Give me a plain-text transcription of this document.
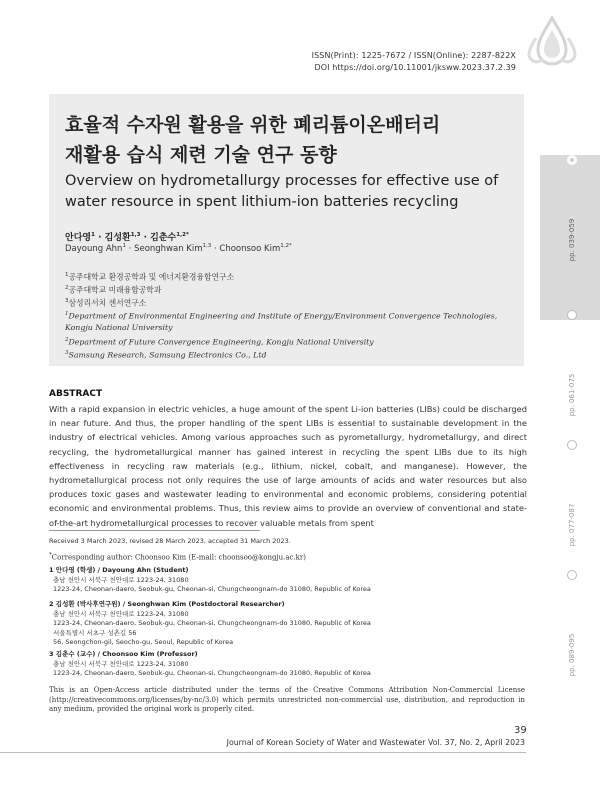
ISSN(Print): 1225-7672 / ISSN(Online): 2287-822X
DOI https://doi.org/10.11001/jksww.2023.37.2.39
효율적 수자원 활용을 위한 폐리튬이온배터리
재활용 습식 제련 기술 연구 동향
Overview on hydrometallurgy processes for effective use of water resource in spent lithium-ion batteries recycling
안다영$^1$ · 김성환$^{1,3}$ · 김춘수$^{1,2*}$
Dayoung Ahn$^1$ · Seonghwan Kim$^{1,3}$ · Choonsoo Kim$^{1,2*}$
$^1$공주대학교 환경공학과 및 에너지환경융합연구소
$^2$공주대학교 미래융합공학과
$^3$삼성리서치 센서연구소
$^1$Department of Environmental Engineering and Institute of Energy/Environment Convergence Technologies, Kongju National University
$^2$Department of Future Convergence Engineering, Kongju National University
$^3$Samsung Research, Samsung Electronics Co., Ltd
ABSTRACT
With a rapid expansion in electric vehicles, a huge amount of the spent Li-ion batteries (LIBs) could be discharged in near future. And thus, the proper handling of the spent LIBs is essential to sustainable development in the industry of electrical vehicles. Among various approaches such as pyrometallurgy, hydrometallurgy, and direct recycling, the hydrometallurgical manner has gained interest in recycling the spent LIBs due to its high effectiveness in recycling raw materials (e.g., lithium, nickel, cobalt, and manganese). However, the hydrometallurgical process not only requires the use of large amounts of acids and water resources but also produces toxic gases and wastewater leading to environmental and economic problems, considering potential economic and environmental problems. Thus, this review aims to provide an overview of conventional and state-of-the-art hydrometallurgical processes to recover valuable metals from spent
Received 3 March 2023, revised 28 March 2023, accepted 31 March 2023.
*Corresponding author: Choonsoo Kim (E-mail: choonsoo@kongju.ac.kr)
1 안다영 (학생) / Dayoung Ahn (Student)
충남 천안시 서북구 천안대로 1223-24, 31080
1223-24, Cheonan-daero, Seobuk-gu, Cheonan-si, Chungcheongnam-do 31080, Republic of Korea
2 김성환 (박사후연구원) / Seonghwan Kim (Postdoctoral Researcher)
충남 천안시 서북구 천안대로 1223-24, 31080
1223-24, Cheonan-daero, Seobuk-gu, Cheonan-si, Chungcheongnam-do 31080, Republic of Korea
서울특별시 서초구 성촌길 56
56, Seongchon-gil, Seocho-gu, Seoul, Republic of Korea
3 김춘수 (교수) / Choonsoo Kim (Professor)
충남 천안시 서북구 천안대로 1223-24, 31080
1223-24, Cheonan-daero, Seobuk-gu, Cheonan-si, Chungcheongnam-do 31080, Republic of Korea
This is an Open-Access article distributed under the terms of the Creative Commons Attribution Non-Commercial License (http://creativecommons.org/licenses/by-nc/3.0) which permits unrestricted non-commercial use, distribution, and reproduction in any medium, provided the original work is properly cited.
39
Journal of Korean Society of Water and Wastewater Vol. 37, No. 2, April 2023
pp. 039-059
pp. 061-075
pp. 077-087
pp. 089-095
